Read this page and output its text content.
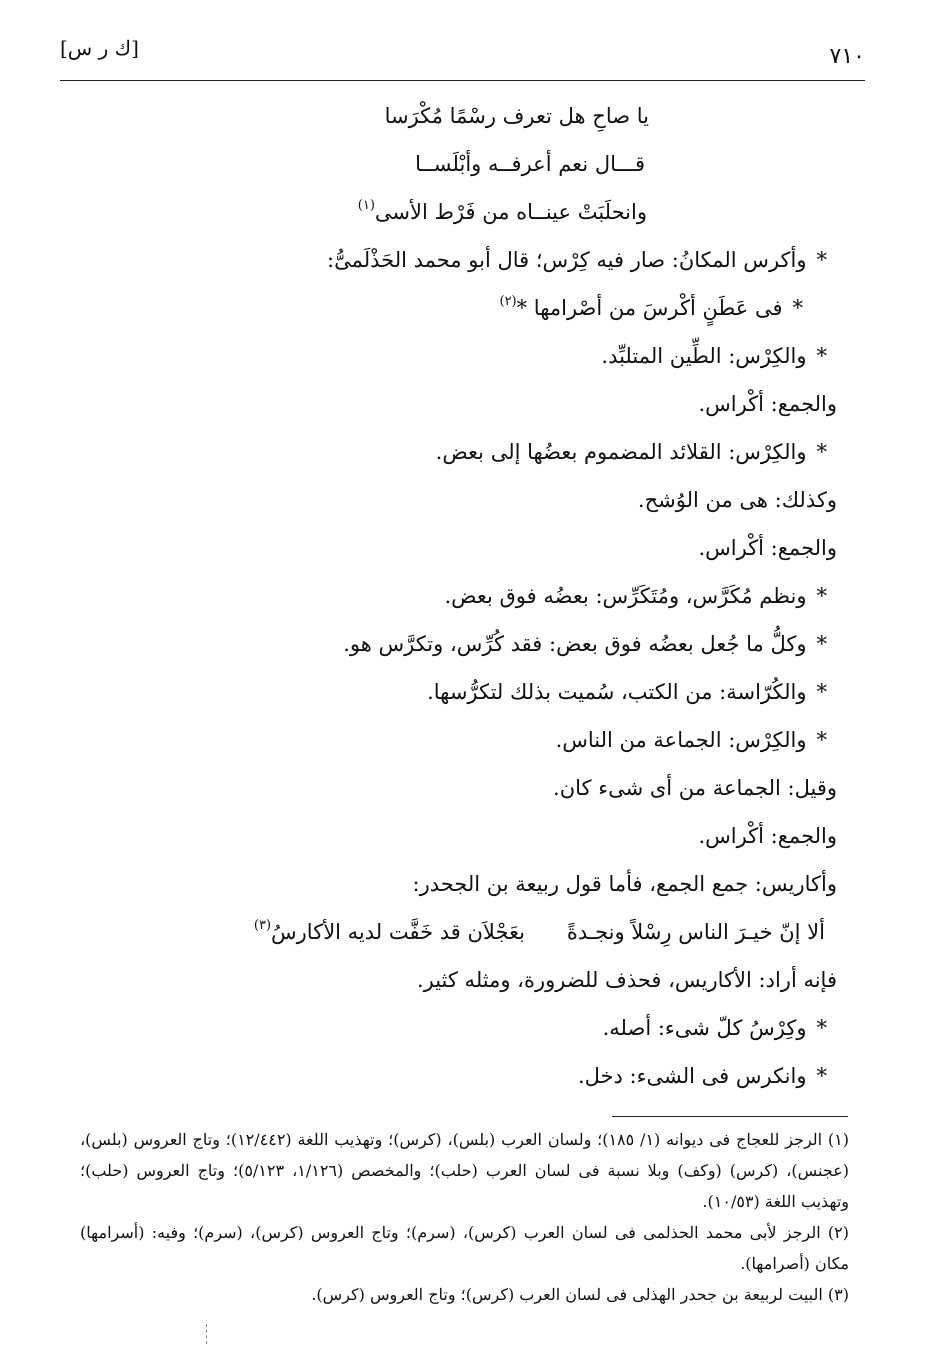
٧١٠
[ك ر س]
يا صاحِ هل تعرف رسْمًا مُكْرَسا
قـــال نعم أعرفــه وأبْلَســا
وانحلَبَتْ عينــاه من فَرْط الأسى$^{(١)}$
*وأكرس المكانُ: صار فيه كِرْس؛ قال أبو محمد الحَذْلَمىُّ:
*فى عَطَنٍ أكْرسَ من أصْرامها *$^{(٢)}$
*والكِرْس: الطِّين المتلبِّد.
والجمع: أكْراس.
*والكِرْس: القلائد المضموم بعضُها إلى بعض.
وكذلك: هى من الوُشح.
والجمع: أكْراس.
*ونظم مُكَرَّس، ومُتَكَرِّس: بعضُه فوق بعض.
*وكلُّ ما جُعل بعضُه فوق بعض: فقد كُرِّس، وتكرَّس هو.
*والكُرّاسة: من الكتب، سُميت بذلك لتكرُّسها.
*والكِرْس: الجماعة من الناس.
وقيل: الجماعة من أى شىء كان.
والجمع: أكْراس.
وأكاريس: جمع الجمع، فأما قول ربيعة بن الجحدر:
ألا إنّ خيـرَ الناس رِسْلاً ونجـدةً
بعَجْلاَن قد خَفَّت لديه الأكارسُ$^{(٣)}$
فإنه أراد: الأكاريس، فحذف للضرورة، ومثله كثير.
*وكِرْسُ كلّ شىء: أصله.
*وانكرس فى الشىء: دخل.

(١) الرجز للعجاج فى ديوانه (١/ ١٨٥)؛ ولسان العرب (بلس)، (كرس)؛ وتهذيب اللغة (١٢/٤٤٢)؛ وتاج العروس (بلس)، (عجنس)، (كرس) (وكف) وبلا نسبة فى لسان العرب (حلب)؛ والمخصص (١/١٢٦، ٥/١٢٣)؛ وتاج العروس (حلب)؛ وتهذيب اللغة (١٠/٥٣).

(٢) الرجز لأبى محمد الحذلمى فى لسان العرب (كرس)، (سرم)؛ وتاج العروس (كرس)، (سرم)؛ وفيه: (أسرامها) مكان (أصرامها).

(٣) البيت لربيعة بن جحدر الهذلى فى لسان العرب (كرس)؛ وتاج العروس (كرس).
